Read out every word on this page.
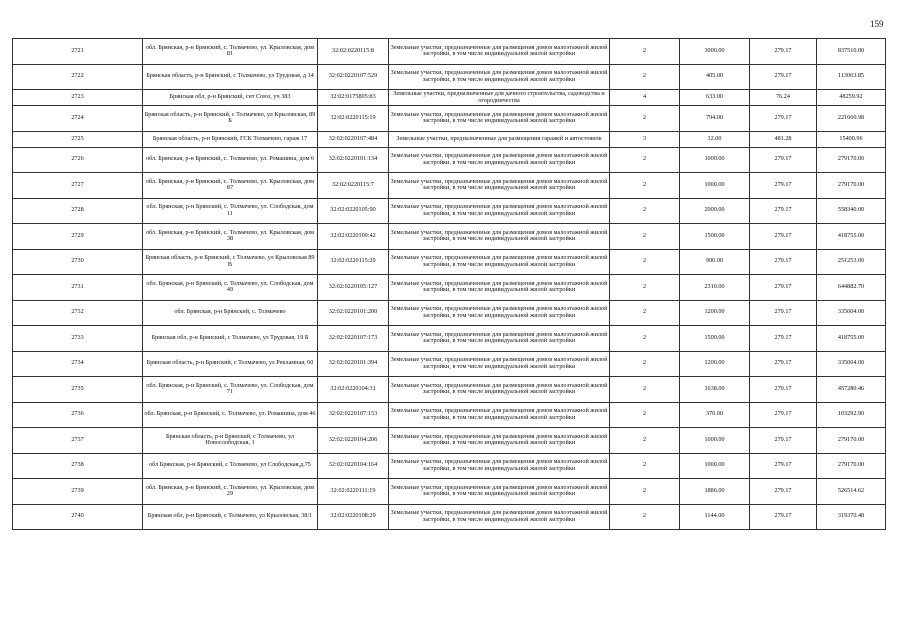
159
2721	обл. Брянская, р-н Брянский, с. Толмачево, ул. Крыловская, дом 81	32:02:0220115:8	Земельные участки, предназначенные для размещения домов малоэтажной жилой застройки, в том числе индивидуальной жилой застройки	2	3000.00	279.17	837510.00
2722	Брянская область, р-н Брянский, с Толмачево, ул Трудовая, д 14	32:02:0220107:529	Земельные участки, предназначенные для размещения домов малоэтажной жилой застройки, в том числе индивидуальной жилой застройки	2	405.00	279.17	113063.85
2723	Брянская обл, р-н Брянский, снт Союз, уч 383	32:02:0175805:83	Земельные участки, предназначенные для дачного строительства, садоводства и огородничества	4	633.00	76.24	48259.92
2724	Брянская область, р-н Брянский, с Толмачево, ул Крыловская, 89 Б	32:02:0220115:19	Земельные участки, предназначенные для размещения домов малоэтажной жилой застройки, в том числе индивидуальной жилой застройки	2	794.00	279.17	221660.98
2725	Брянская область, р-н Брянский, ГСК Толмачево, гараж 17	32:02:0220107:484	Земельные участки, предназначенные для размещения гаражей и автостоянок	3	32.00	481.28	15400.96
2726	обл. Брянская, р-н Брянский, с. Толмачево, ул. Ромашина, дом 6	32:02:0220101:134	Земельные участки, предназначенные для размещения домов малоэтажной жилой застройки, в том числе индивидуальной жилой застройки	2	1000.00	279.17	279170.00
2727	обл. Брянская, р-н Брянский, с. Толмачево, ул. Крыловская, дом 87	32:02:0220115:7	Земельные участки, предназначенные для размещения домов малоэтажной жилой застройки, в том числе индивидуальной жилой застройки	2	1000.00	279.17	279170.00
2728	обл. Брянская, р-н Брянский, с. Толмачево, ул. Слободская, дом 11	32:02:0220105:90	Земельные участки, предназначенные для размещения домов малоэтажной жилой застройки, в том числе индивидуальной жилой застройки	2	2000.00	279.17	558340.00
2729	обл. Брянская, р-н Брянский, с. Толмачево, ул. Крыловская, дом 38	32:02:0220109:42	Земельные участки, предназначенные для размещения домов малоэтажной жилой застройки, в том числе индивидуальной жилой застройки	2	1500.00	279.17	418755.00
2730	Брянская область, р-н Брянский, с Толмачево, ул Крыловская 89 В	32:02:0220115:20	Земельные участки, предназначенные для размещения домов малоэтажной жилой застройки, в том числе индивидуальной жилой застройки	2	900.00	279.17	251253.00
2731	обл. Брянская, р-н Брянский, с. Толмачево, ул. Слободская, дом 49	32:02:0220105:127	Земельные участки, предназначенные для размещения домов малоэтажной жилой застройки, в том числе индивидуальной жилой застройки	2	2310.00	279.17	644882.70
2732	обл. Брянская, р-н Брянский, с. Толмачево	32:02:0220101:200	Земельные участки, предназначенные для размещения домов малоэтажной жилой застройки, в том числе индивидуальной жилой застройки	2	1200.00	279.17	335004.00
2733	Брянская обл, р-н Брянский, с Толмачево, ул Трудовая, 19 Б	32:02:0220107:173	Земельные участки, предназначенные для размещения домов малоэтажной жилой застройки, в том числе индивидуальной жилой застройки	2	1500.00	279.17	418755.00
2734	Брянская область, р-н Брянский, с Толмачево, ул Рекламная, 60	32:02:0220101:394	Земельные участки, предназначенные для размещения домов малоэтажной жилой застройки, в том числе индивидуальной жилой застройки	2	1200.00	279.17	335004.00
2735	обл. Брянская, р-н Брянский, с. Толмачево, ул. Слободская, дом 71	32:02:0220104:31	Земельные участки, предназначенные для размещения домов малоэтажной жилой застройки, в том числе индивидуальной жилой застройки	2	1638.00	279.17	457280.46
2736	обл. Брянская, р-н Брянский, с. Толмачево, ул. Ромашина, дом 46	32:02:0220107:153	Земельные участки, предназначенные для размещения домов малоэтажной жилой застройки, в том числе индивидуальной жилой застройки	2	370.00	279.17	103292.90
2737	Брянская область, р-н Брянский, с Толмачево, ул Новослободская, 1	32:02:0220104:206	Земельные участки, предназначенные для размещения домов малоэтажной жилой застройки, в том числе индивидуальной жилой застройки	2	1000.00	279.17	279170.00
2738	обл Брянская, р-н Брянский, с Толмачево, ул Слободская,д.75	32:02:0220104:164	Земельные участки, предназначенные для размещения домов малоэтажной жилой застройки, в том числе индивидуальной жилой застройки	2	1000.00	279.17	279170.00
2739	обл. Брянская, р-н Брянский, с. Толмачево, ул. Крыловская, дом 29	32:02:0220111:19	Земельные участки, предназначенные для размещения домов малоэтажной жилой застройки, в том числе индивидуальной жилой застройки	2	1886.00	279.17	526514.62
2740	Брянская обл, р-н Брянский, с Толмачево, ул Крыловская, 38/1	32:02:0220108:29	Земельные участки, предназначенные для размещения домов малоэтажной жилой застройки, в том числе индивидуальной жилой застройки	2	1144.00	279.17	319370.48
